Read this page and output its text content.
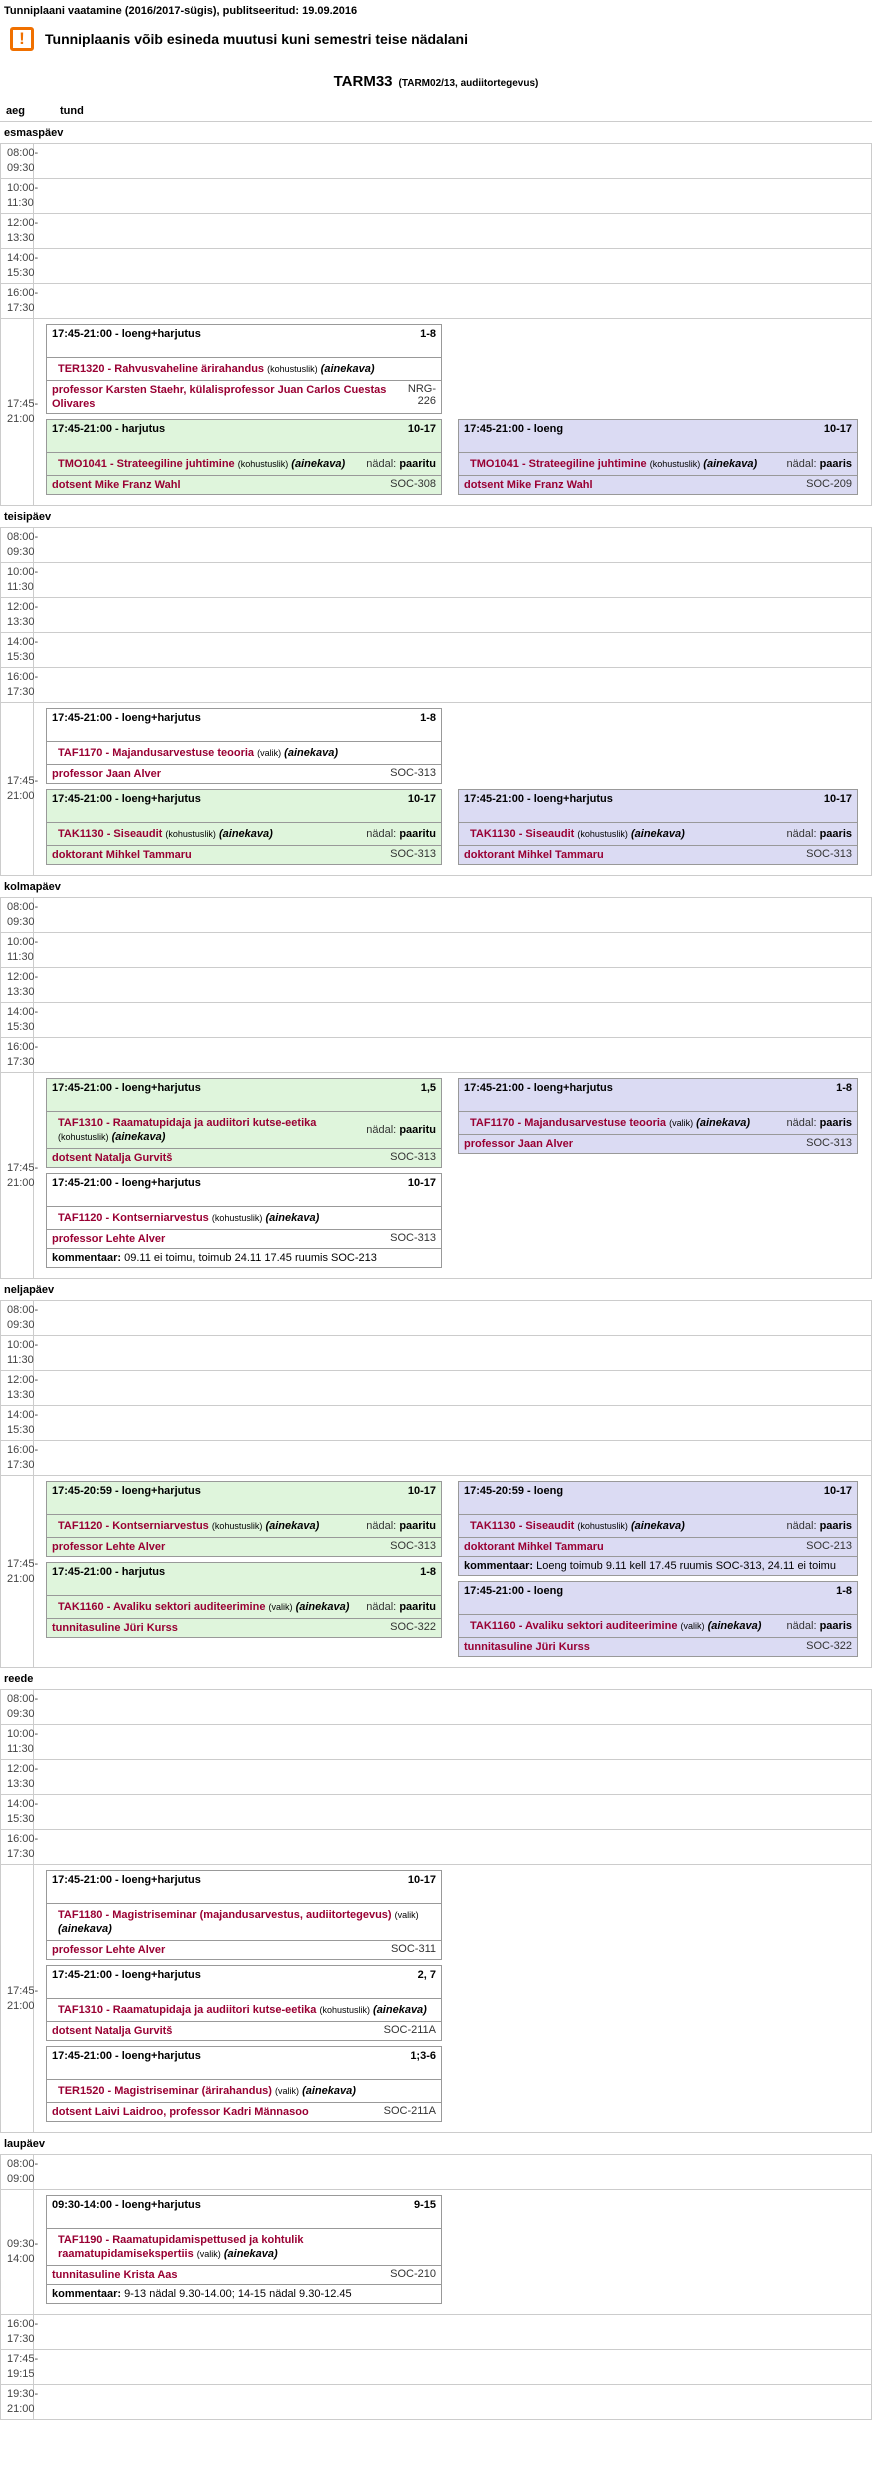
Tunniplaani vaatamine (2016/2017-sügis), publitseeritud: 19.09.2016
!	Tunniplaanis võib esineda muutusi kuni semestri teise nädalani
TARM33 (TARM02/13, audiitortegevus)
aeg	tund
esmaspäev
08:00-
09:30
10:00-
11:30
12:00-
13:30
14:00-
15:30
16:00-
17:30
17:45-
21:00
17:45-21:00 - loeng+harjutus	1-8
TER1320 - Rahvusvaheline ärirahandus (kohustuslik) (ainekava)
professor Karsten Staehr, külalisprofessor Juan Carlos Cuestas Olivares
NRG-226
17:45-21:00 - harjutus	10-17
TMO1041 - Strateegiline juhtimine (kohustuslik) (ainekava)	nädal: paaritu
dotsent Mike Franz Wahl	SOC-308
17:45-21:00 - loeng	10-17
TMO1041 - Strateegiline juhtimine (kohustuslik) (ainekava)	nädal: paaris
dotsent Mike Franz Wahl	SOC-209
teisipäev
08:00-
09:30
10:00-
11:30
12:00-
13:30
14:00-
15:30
16:00-
17:30
17:45-
21:00
17:45-21:00 - loeng+harjutus	1-8
TAF1170 - Majandusarvestuse teooria (valik) (ainekava)
professor Jaan Alver	SOC-313
17:45-21:00 - loeng+harjutus	10-17
TAK1130 - Siseaudit (kohustuslik) (ainekava)	nädal: paaritu
doktorant Mihkel Tammaru	SOC-313
17:45-21:00 - loeng+harjutus	10-17
TAK1130 - Siseaudit (kohustuslik) (ainekava)	nädal: paaris
doktorant Mihkel Tammaru	SOC-313
kolmapäev
08:00-
09:30
10:00-
11:30
12:00-
13:30
14:00-
15:30
16:00-
17:30
17:45-
21:00
17:45-21:00 - loeng+harjutus	1,5
TAF1310 - Raamatupidaja ja audiitori kutse-eetika (kohustuslik) (ainekava)
nädal: paaritu
dotsent Natalja Gurvitš	SOC-313
17:45-21:00 - loeng+harjutus	10-17
TAF1120 - Kontserniarvestus (kohustuslik) (ainekava)
professor Lehte Alver	SOC-313
kommentaar: 09.11 ei toimu, toimub 24.11 17.45 ruumis SOC-213
17:45-21:00 - loeng+harjutus	1-8
TAF1170 - Majandusarvestuse teooria (valik) (ainekava)	nädal: paaris
professor Jaan Alver	SOC-313
neljapäev
08:00-
09:30
10:00-
11:30
12:00-
13:30
14:00-
15:30
16:00-
17:30
17:45-
21:00
17:45-20:59 - loeng+harjutus	10-17
TAF1120 - Kontserniarvestus (kohustuslik) (ainekava)	nädal: paaritu
professor Lehte Alver	SOC-313
17:45-21:00 - harjutus	1-8
TAK1160 - Avaliku sektori auditeerimine (valik) (ainekava)	nädal: paaritu
tunnitasuline Jüri Kurss	SOC-322
17:45-20:59 - loeng	10-17
TAK1130 - Siseaudit (kohustuslik) (ainekava)	nädal: paaris
doktorant Mihkel Tammaru	SOC-213
kommentaar: Loeng toimub 9.11 kell 17.45 ruumis SOC-313, 24.11 ei toimu
17:45-21:00 - loeng	1-8
TAK1160 - Avaliku sektori auditeerimine (valik) (ainekava)	nädal: paaris
tunnitasuline Jüri Kurss	SOC-322
reede
08:00-
09:30
10:00-
11:30
12:00-
13:30
14:00-
15:30
16:00-
17:30
17:45-
21:00
17:45-21:00 - loeng+harjutus	10-17
TAF1180 - Magistriseminar (majandusarvestus, audiitortegevus) (valik) (ainekava)
professor Lehte Alver	SOC-311
17:45-21:00 - loeng+harjutus	2, 7
TAF1310 - Raamatupidaja ja audiitori kutse-eetika (kohustuslik) (ainekava)
dotsent Natalja Gurvitš	SOC-211A
17:45-21:00 - loeng+harjutus	1;3-6
TER1520 - Magistriseminar (ärirahandus) (valik) (ainekava)
dotsent Laivi Laidroo, professor Kadri Männasoo	SOC-211A
laupäev
08:00-
09:00
09:30-
14:00
09:30-14:00 - loeng+harjutus	9-15
TAF1190 - Raamatupidamispettused ja kohtulik raamatupidamisekspertiis (valik) (ainekava)
tunnitasuline Krista Aas	SOC-210
kommentaar: 9-13 nädal 9.30-14.00; 14-15 nädal 9.30-12.45
16:00-
17:30
17:45-
19:15
19:30-
21:00
